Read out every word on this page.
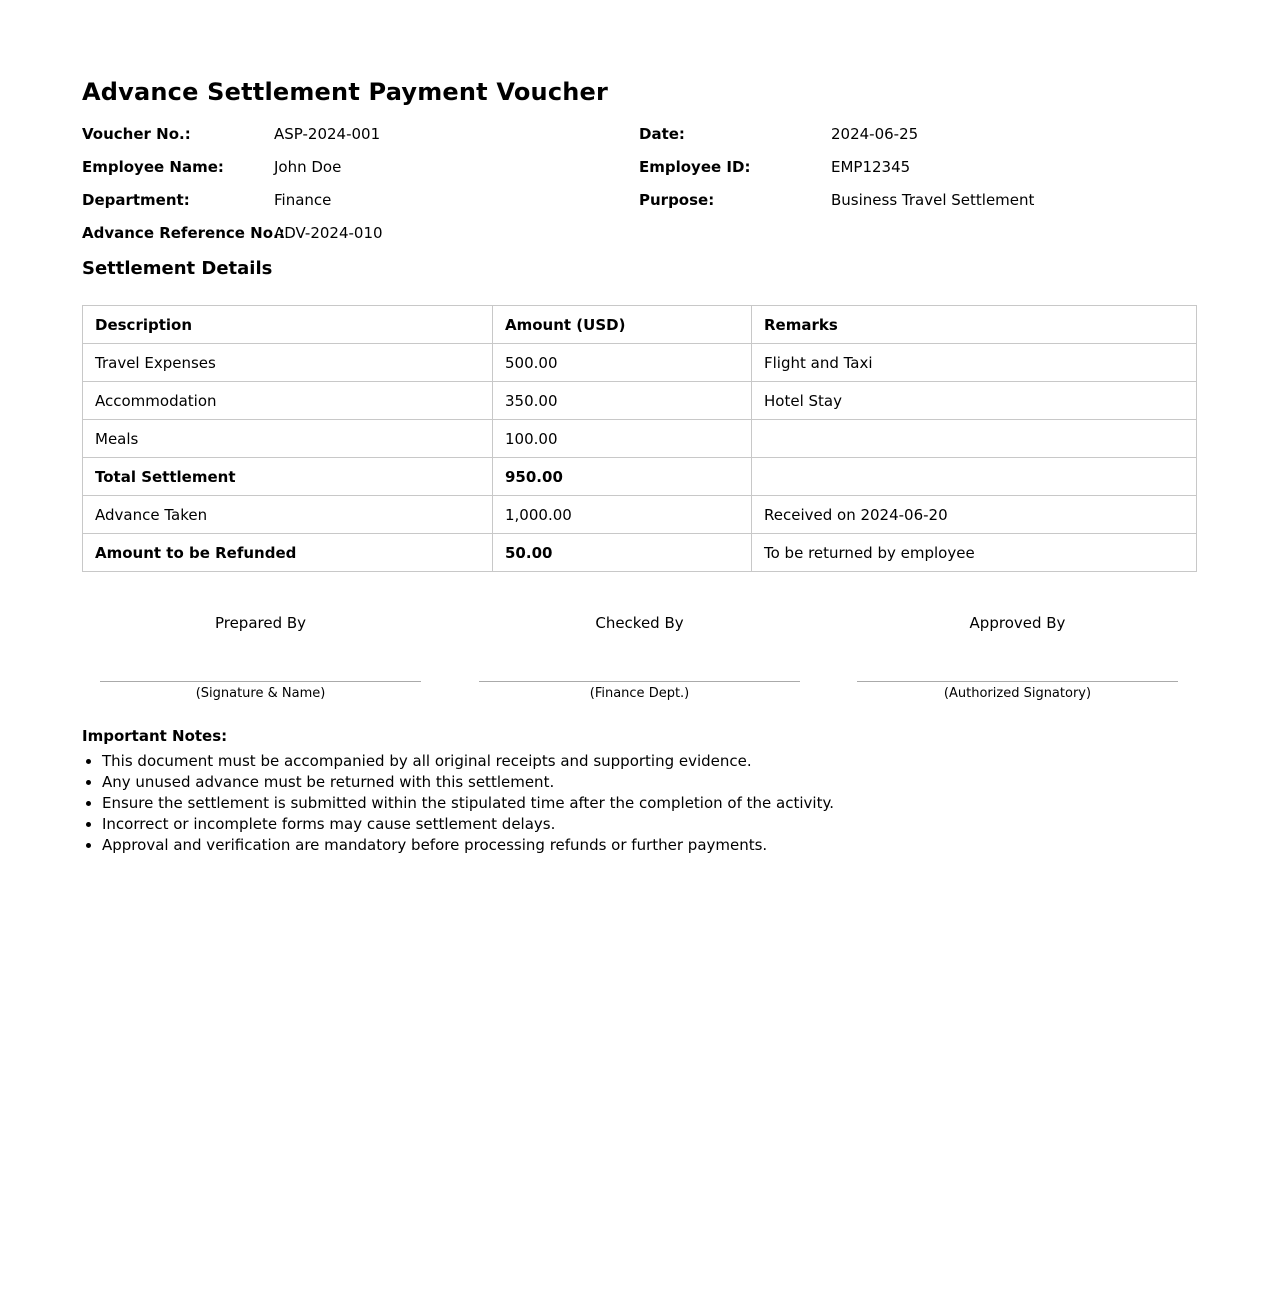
Advance Settlement Payment Voucher
Voucher No.:	ASP-2024-001	Date:	2024-06-25
Employee Name:	John Doe	Employee ID:	EMP12345
Department:	Finance	Purpose:	Business Travel Settlement
Advance Reference No.:
ADV-2024-010
Settlement Details
Description	Amount (USD)	Remarks
Travel Expenses	500.00	Flight and Taxi
Accommodation	350.00	Hotel Stay
Meals	100.00	
Total Settlement	950.00	
Advance Taken	1,000.00	Received on 2024-06-20
Amount to be Refunded	50.00	To be returned by employee
Prepared By
(Signature & Name)
Checked By
(Finance Dept.)
Approved By
(Authorized Signatory)
Important Notes:
• This document must be accompanied by all original receipts and supporting evidence.
• Any unused advance must be returned with this settlement.
• Ensure the settlement is submitted within the stipulated time after the completion of the activity.
• Incorrect or incomplete forms may cause settlement delays.
• Approval and verification are mandatory before processing refunds or further payments.
